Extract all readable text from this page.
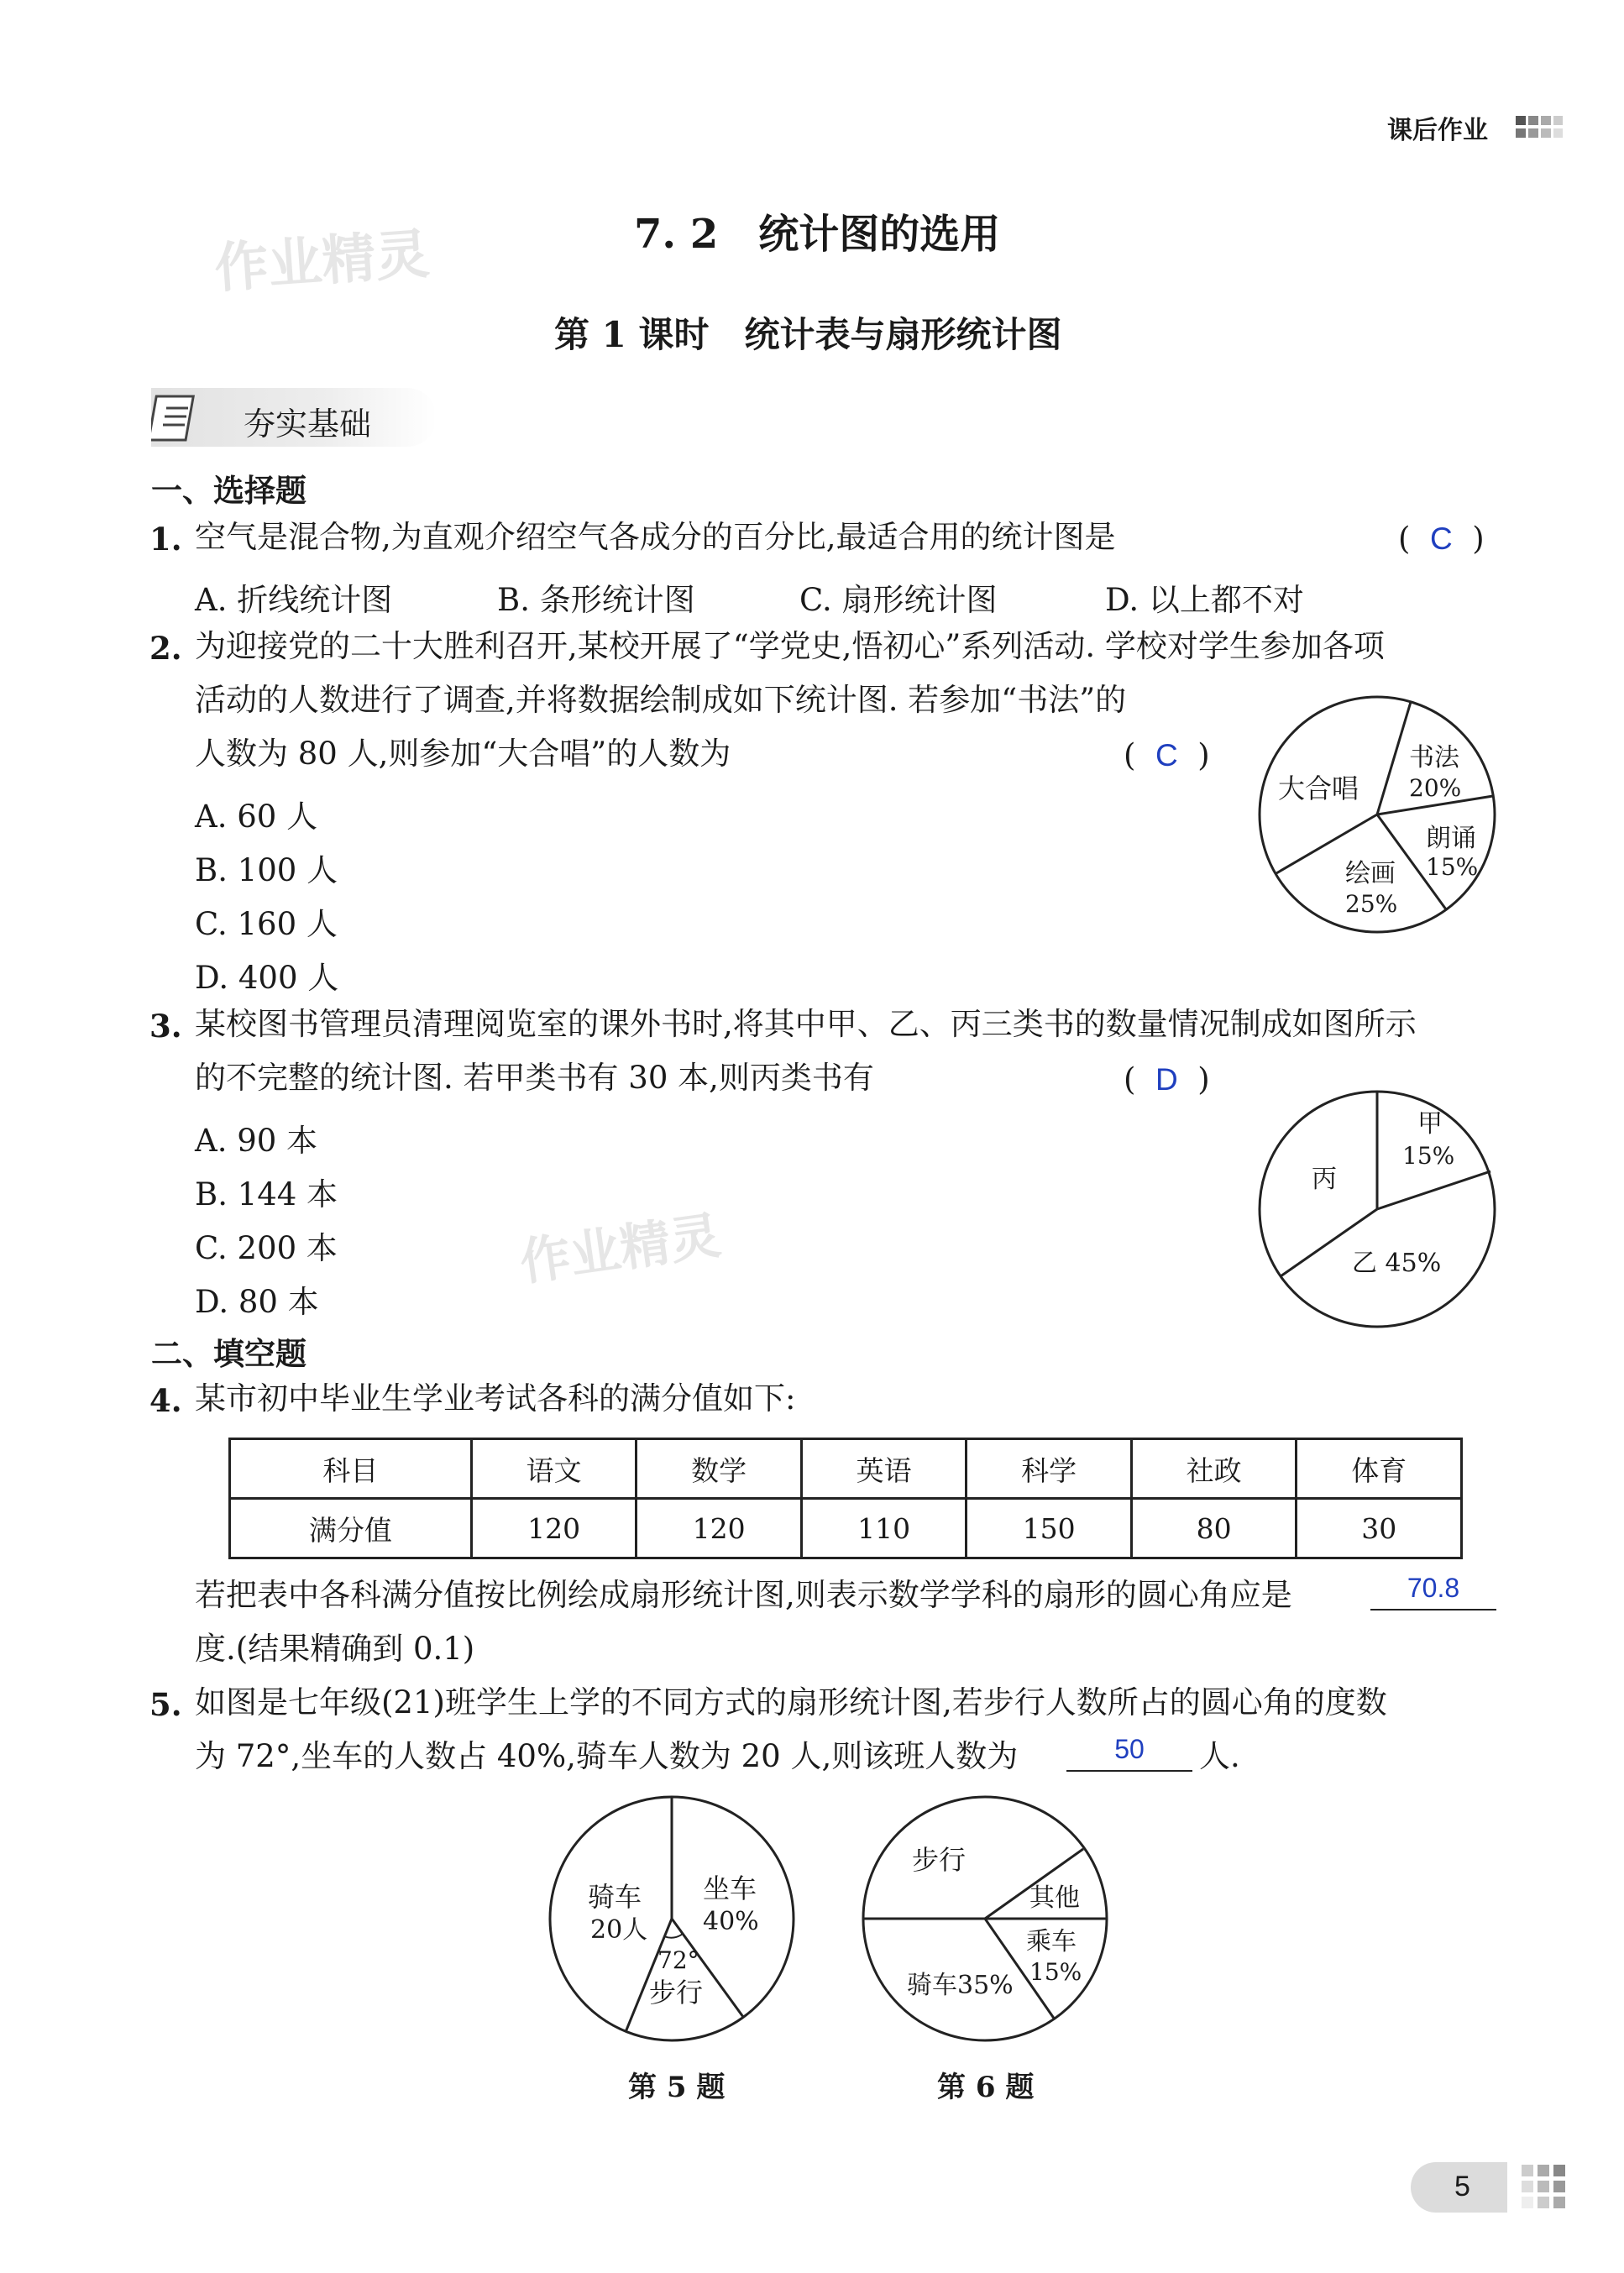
课后作业
作业精灵
作业精灵
7. 2　统计图的选用
第 1 课时　统计表与扇形统计图
夯实基础
一、选择题
1. 空气是混合物,为直观介绍空气各成分的百分比,最适合用的统计图是	(  C  )
A. 折线统计图	B. 条形统计图	C. 扇形统计图	D. 以上都不对
2. 为迎接党的二十大胜利召开,某校开展了“学党史,悟初心”系列活动. 学校对学生参加各项
活动的人数进行了调查,并将数据绘制成如下统计图. 若参加“书法”的
人数为 80 人,则参加“大合唱”的人数为	(  C  )
A. 60 人
B. 100 人
C. 160 人
D. 400 人
大合唱
书法
20%
朗诵
15%
绘画
25%
3. 某校图书管理员清理阅览室的课外书时,将其中甲、乙、丙三类书的数量情况制成如图所示
的不完整的统计图. 若甲类书有 30 本,则丙类书有	(  D  )
A. 90 本
B. 144 本
C. 200 本
D. 80 本
甲
15%
丙
乙 45%
二、填空题
4. 某市初中毕业生学业考试各科的满分值如下:
科目	语文	数学	英语	科学	社政	体育
满分值	120	120	110	150	80	30
若把表中各科满分值按比例绘成扇形统计图,则表示数学学科的扇形的圆心角应是	70.8
度.(结果精确到 0.1)
5. 如图是七年级(21)班学生上学的不同方式的扇形统计图,若步行人数所占的圆心角的度数
为 72°,坐车的人数占 40%,骑车人数为 20 人,则该班人数为	50	人.
骑车
20人
坐车
40%
72°
步行
第 5 题
步行
其他
乘车
15%
骑车35%
第 6 题
5
